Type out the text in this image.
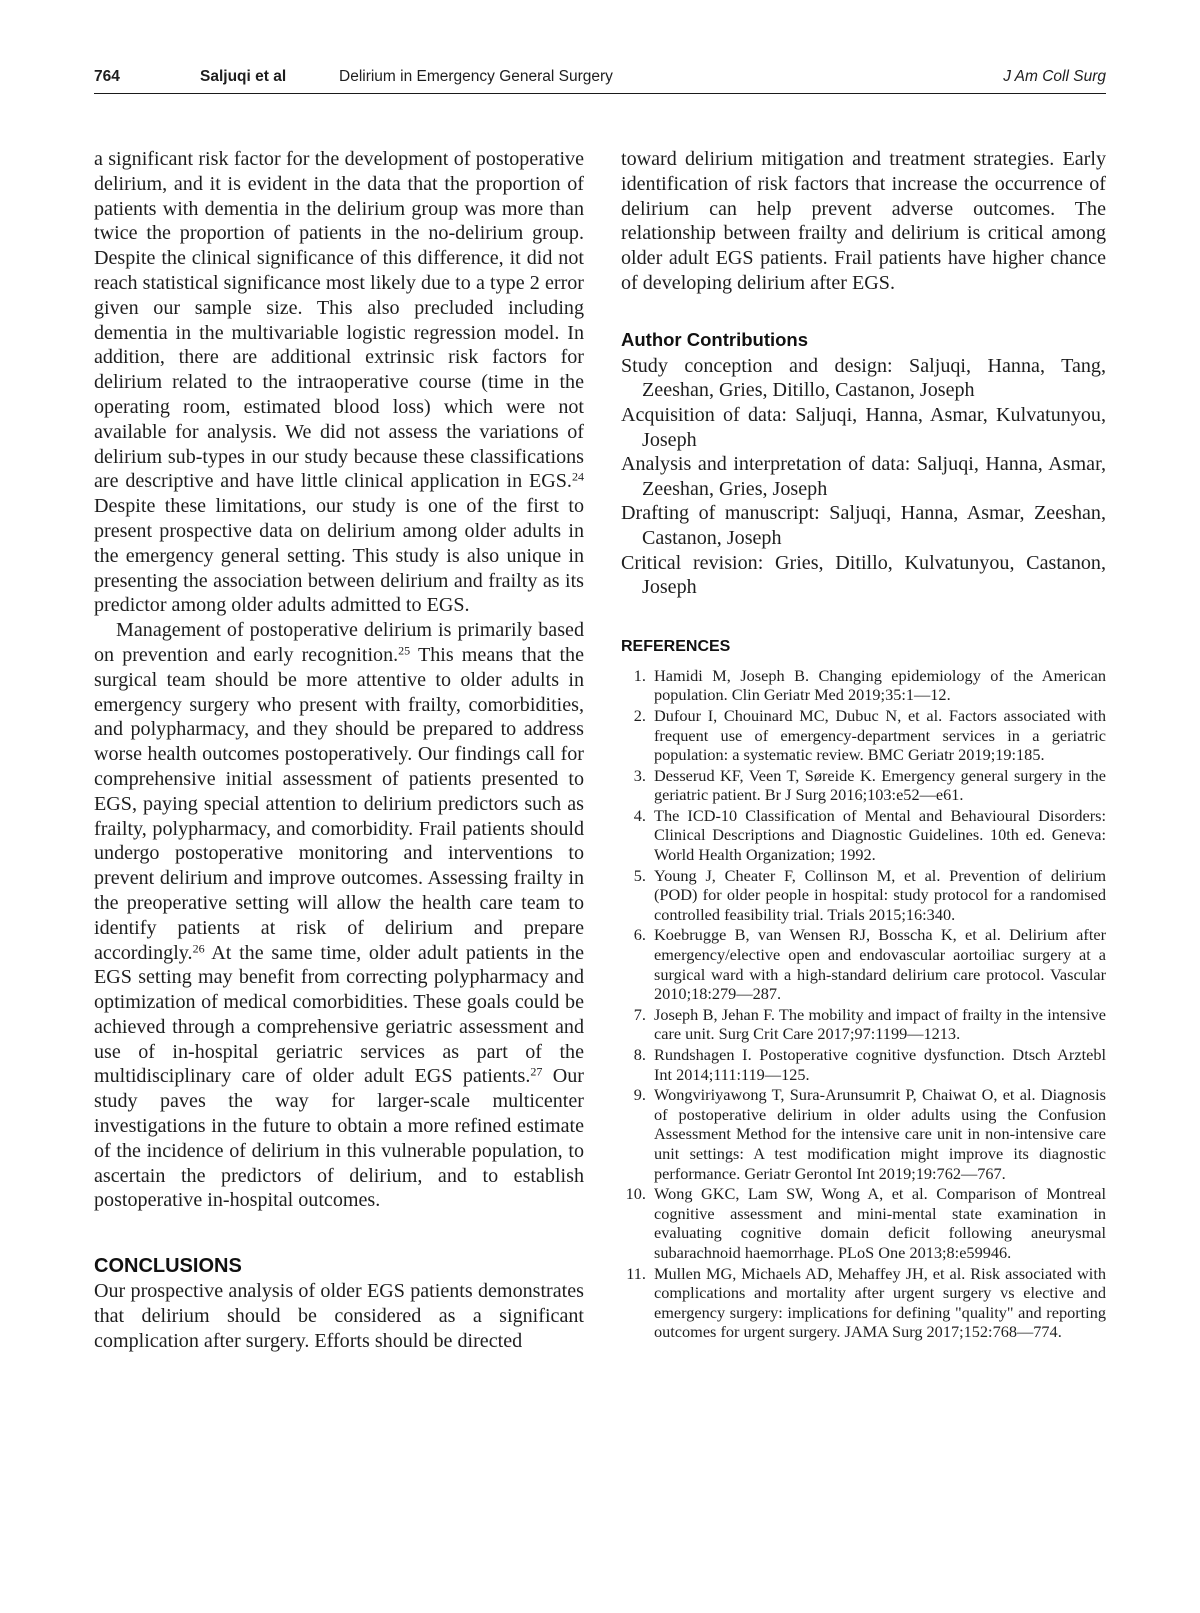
764	Saljuqi et al	Delirium in Emergency General Surgery	J Am Coll Surg

a significant risk factor for the development of postoperative delirium, and it is evident in the data that the proportion of patients with dementia in the delirium group was more than twice the proportion of patients in the no-delirium group. Despite the clinical significance of this difference, it did not reach statistical significance most likely due to a type 2 error given our sample size. This also precluded including dementia in the multivariable logistic regression model. In addition, there are additional extrinsic risk factors for delirium related to the intraoperative course (time in the operating room, estimated blood loss) which were not available for analysis. We did not assess the variations of delirium sub-types in our study because these classifications are descriptive and have little clinical application in EGS.$^{24}$ Despite these limitations, our study is one of the first to present prospective data on delirium among older adults in the emergency general setting. This study is also unique in presenting the association between delirium and frailty as its predictor among older adults admitted to EGS.

Management of postoperative delirium is primarily based on prevention and early recognition.$^{25}$ This means that the surgical team should be more attentive to older adults in emergency surgery who present with frailty, comorbidities, and polypharmacy, and they should be prepared to address worse health outcomes postoperatively. Our findings call for comprehensive initial assessment of patients presented to EGS, paying special attention to delirium predictors such as frailty, polypharmacy, and comorbidity. Frail patients should undergo postoperative monitoring and interventions to prevent delirium and improve outcomes. Assessing frailty in the preoperative setting will allow the health care team to identify patients at risk of delirium and prepare accordingly.$^{26}$ At the same time, older adult patients in the EGS setting may benefit from correcting polypharmacy and optimization of medical comorbidities. These goals could be achieved through a comprehensive geriatric assessment and use of in-hospital geriatric services as part of the multidisciplinary care of older adult EGS patients.$^{27}$ Our study paves the way for larger-scale multicenter investigations in the future to obtain a more refined estimate of the incidence of delirium in this vulnerable population, to ascertain the predictors of delirium, and to establish postoperative in-hospital outcomes.

CONCLUSIONS

Our prospective analysis of older EGS patients demonstrates that delirium should be considered as a significant complication after surgery. Efforts should be directed

toward delirium mitigation and treatment strategies. Early identification of risk factors that increase the occurrence of delirium can help prevent adverse outcomes. The relationship between frailty and delirium is critical among older adult EGS patients. Frail patients have higher chance of developing delirium after EGS.

Author Contributions
Study conception and design: Saljuqi, Hanna, Tang, Zeeshan, Gries, Ditillo, Castanon, Joseph
Acquisition of data: Saljuqi, Hanna, Asmar, Kulvatunyou, Joseph
Analysis and interpretation of data: Saljuqi, Hanna, Asmar, Zeeshan, Gries, Joseph
Drafting of manuscript: Saljuqi, Hanna, Asmar, Zeeshan, Castanon, Joseph
Critical revision: Gries, Ditillo, Kulvatunyou, Castanon, Joseph
REFERENCES
1. Hamidi M, Joseph B. Changing epidemiology of the American population. Clin Geriatr Med 2019;35:1—12.
2. Dufour I, Chouinard MC, Dubuc N, et al. Factors associated with frequent use of emergency-department services in a geriatric population: a systematic review. BMC Geriatr 2019;19:185.
3. Desserud KF, Veen T, Søreide K. Emergency general surgery in the geriatric patient. Br J Surg 2016;103:e52—e61.
4. The ICD-10 Classification of Mental and Behavioural Disorders: Clinical Descriptions and Diagnostic Guidelines. 10th ed. Geneva: World Health Organization; 1992.
5. Young J, Cheater F, Collinson M, et al. Prevention of delirium (POD) for older people in hospital: study protocol for a randomised controlled feasibility trial. Trials 2015;16:340.
6. Koebrugge B, van Wensen RJ, Bosscha K, et al. Delirium after emergency/elective open and endovascular aortoiliac surgery at a surgical ward with a high-standard delirium care protocol. Vascular 2010;18:279—287.
7. Joseph B, Jehan F. The mobility and impact of frailty in the intensive care unit. Surg Crit Care 2017;97:1199—1213.
8. Rundshagen I. Postoperative cognitive dysfunction. Dtsch Arztebl Int 2014;111:119—125.
9. Wongviriyawong T, Sura-Arunsumrit P, Chaiwat O, et al. Diagnosis of postoperative delirium in older adults using the Confusion Assessment Method for the intensive care unit in non-intensive care unit settings: A test modification might improve its diagnostic performance. Geriatr Gerontol Int 2019;19:762—767.
10. Wong GKC, Lam SW, Wong A, et al. Comparison of Montreal cognitive assessment and mini-mental state examination in evaluating cognitive domain deficit following aneurysmal subarachnoid haemorrhage. PLoS One 2013;8:e59946.
11. Mullen MG, Michaels AD, Mehaffey JH, et al. Risk associated with complications and mortality after urgent surgery vs elective and emergency surgery: implications for defining "quality" and reporting outcomes for urgent surgery. JAMA Surg 2017;152:768—774.
